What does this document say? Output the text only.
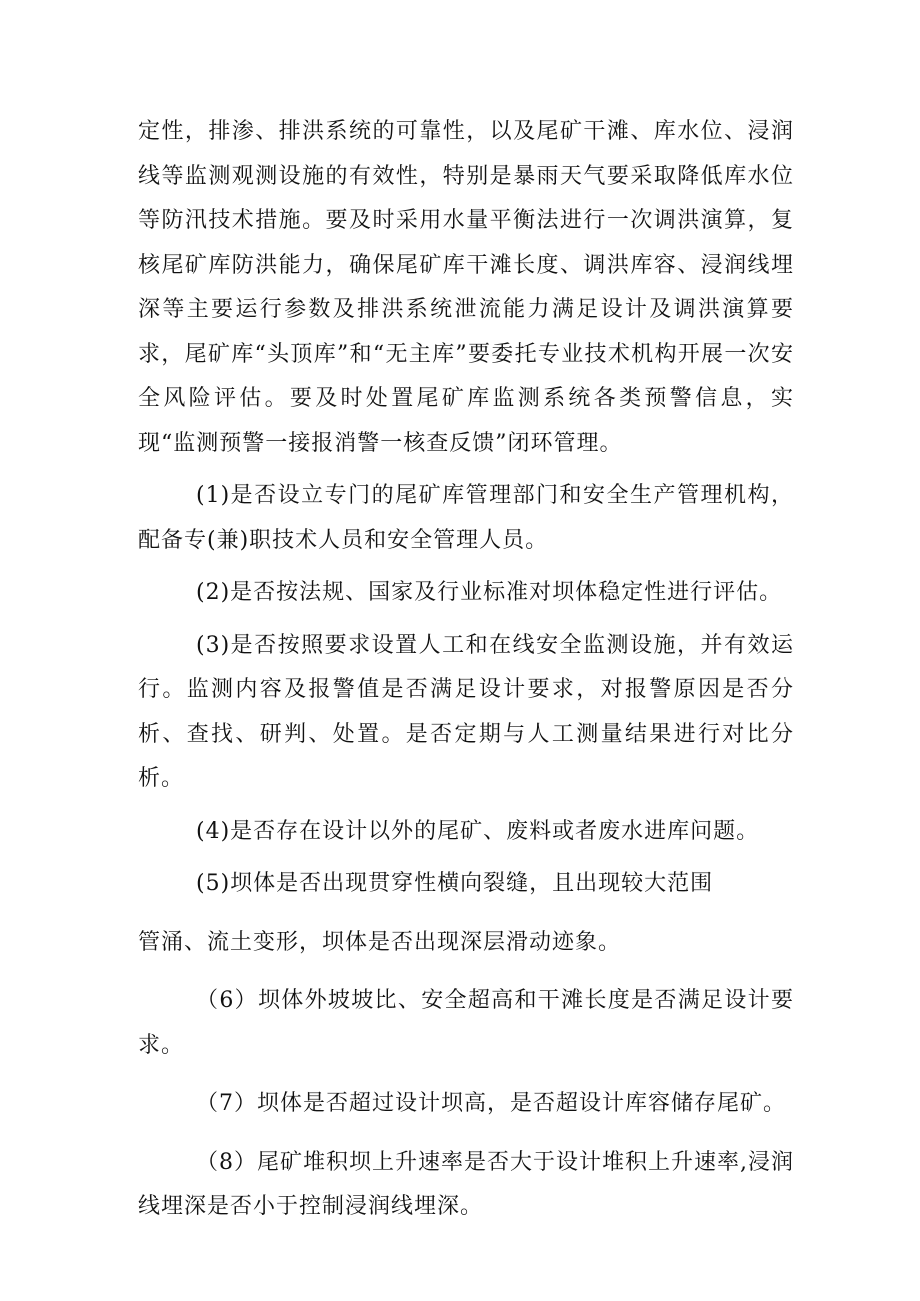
定性，排渗、排洪系统的可靠性，以及尾矿干滩、库水位、浸润线等监测观测设施的有效性，特别是暴雨天气要采取降低库水位等防汛技术措施。要及时采用水量平衡法进行一次调洪演算，复核尾矿库防洪能力，确保尾矿库干滩长度、调洪库容、浸润线埋深等主要运行参数及排洪系统泄流能力满足设计及调洪演算要求，尾矿库“头顶库”和“无主库”要委托专业技术机构开展一次安全风险评估。要及时处置尾矿库监测系统各类预警信息，实现“监测预警一接报消警一核查反馈”闭环管理。

(1)是否设立专门的尾矿库管理部门和安全生产管理机构，配备专(兼)职技术人员和安全管理人员。

(2)是否按法规、国家及行业标准对坝体稳定性进行评估。

(3)是否按照要求设置人工和在线安全监测设施，并有效运行。监测内容及报警值是否满足设计要求，对报警原因是否分析、查找、研判、处置。是否定期与人工测量结果进行对比分析。

(4)是否存在设计以外的尾矿、废料或者废水进库问题。

(5)坝体是否出现贯穿性横向裂缝，且出现较大范围

管涌、流土变形，坝体是否出现深层滑动迹象。

（6）坝体外坡坡比、安全超高和干滩长度是否满足设计要求。

（7）坝体是否超过设计坝高，是否超设计库容储存尾矿。

（8）尾矿堆积坝上升速率是否大于设计堆积上升速率,浸润线埋深是否小于控制浸润线埋深。
